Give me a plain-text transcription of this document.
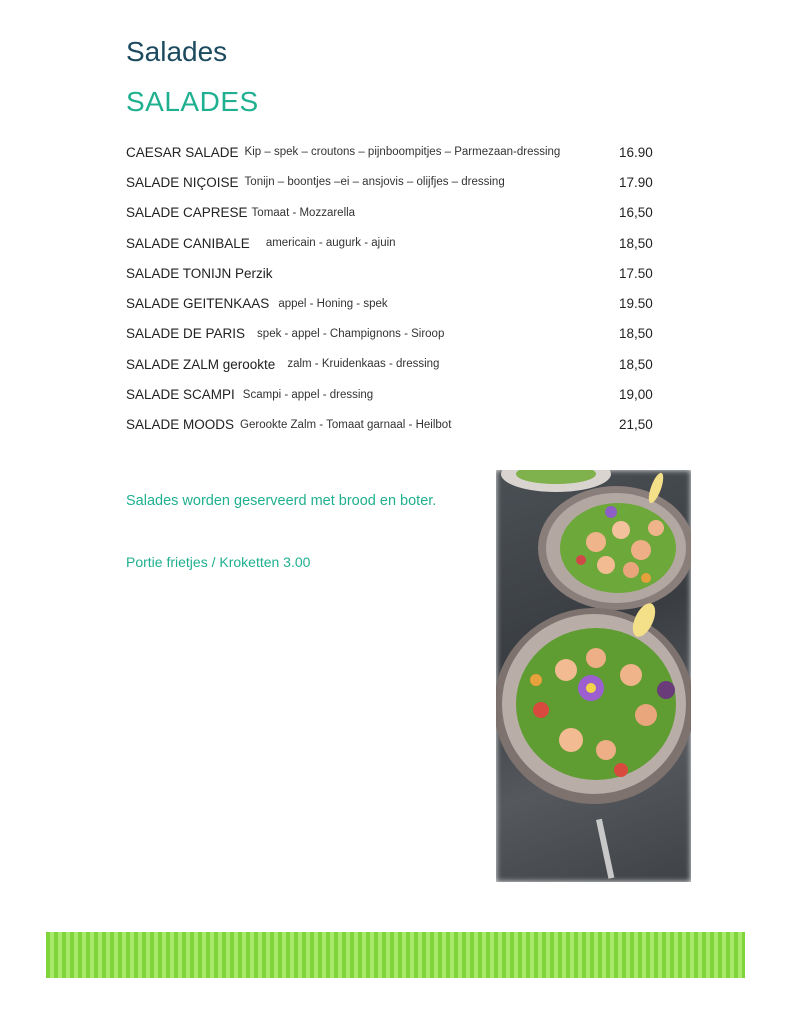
Salades
SALADES
CAESAR SALADE Kip – spek – croutons – pijnboompitjes – Parmezaan-dressing	16.90
SALADE NIÇOISE Tonijn – boontjes –ei – ansjovis – olijfjes – dressing	17.90
SALADE CAPRESE Tomaat - Mozzarella	16,50
SALADE CANIBALE americain - augurk - ajuin	18,50
SALADE TONIJN Perzik	17.50
SALADE GEITENKAAS appel - Honing - spek	19.50
SALADE DE PARIS spek - appel - Champignons - Siroop	18,50
SALADE ZALM gerookte zalm - Kruidenkaas - dressing	18,50
SALADE SCAMPI Scampi - appel - dressing	19,00
SALADE MOODS Gerookte Zalm - Tomaat garnaal - Heilbot	21,50
Salades worden geserveerd met brood en boter.
Portie frietjes / Kroketten 3.00
